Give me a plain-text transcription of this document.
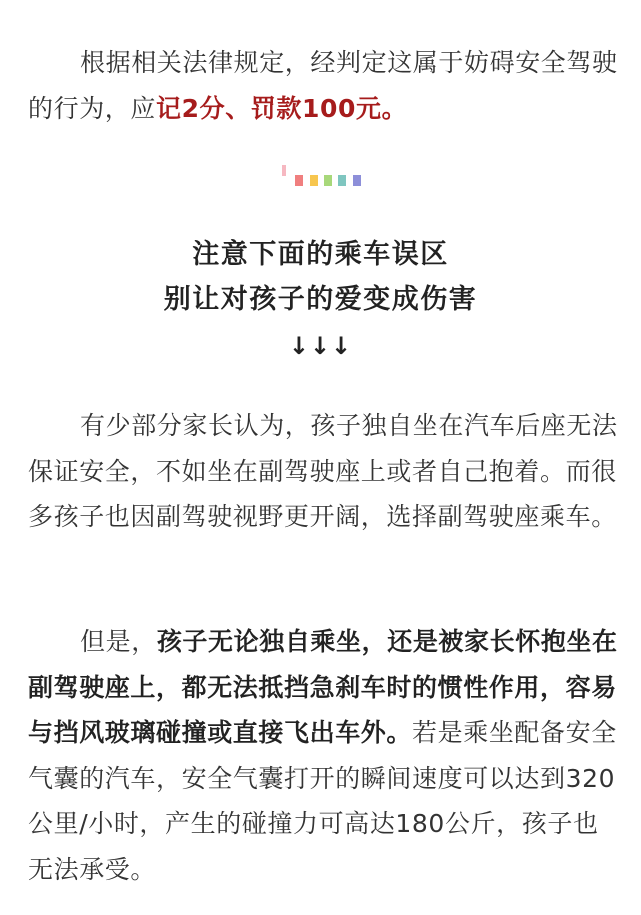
根据相关法律规定，经判定这属于妨碍安全驾驶的行为，应记2分、罚款100元。

注意下面的乘车误区
别让对孩子的爱变成伤害
↓↓↓

有少部分家长认为，孩子独自坐在汽车后座无法保证安全，不如坐在副驾驶座上或者自己抱着。而很多孩子也因副驾驶视野更开阔，选择副驾驶座乘车。

但是，孩子无论独自乘坐，还是被家长怀抱坐在副驾驶座上，都无法抵挡急刹车时的惯性作用，容易与挡风玻璃碰撞或直接飞出车外。若是乘坐配备安全气囊的汽车，安全气囊打开的瞬间速度可以达到320公里/小时，产生的碰撞力可高达180公斤，孩子也无法承受。
